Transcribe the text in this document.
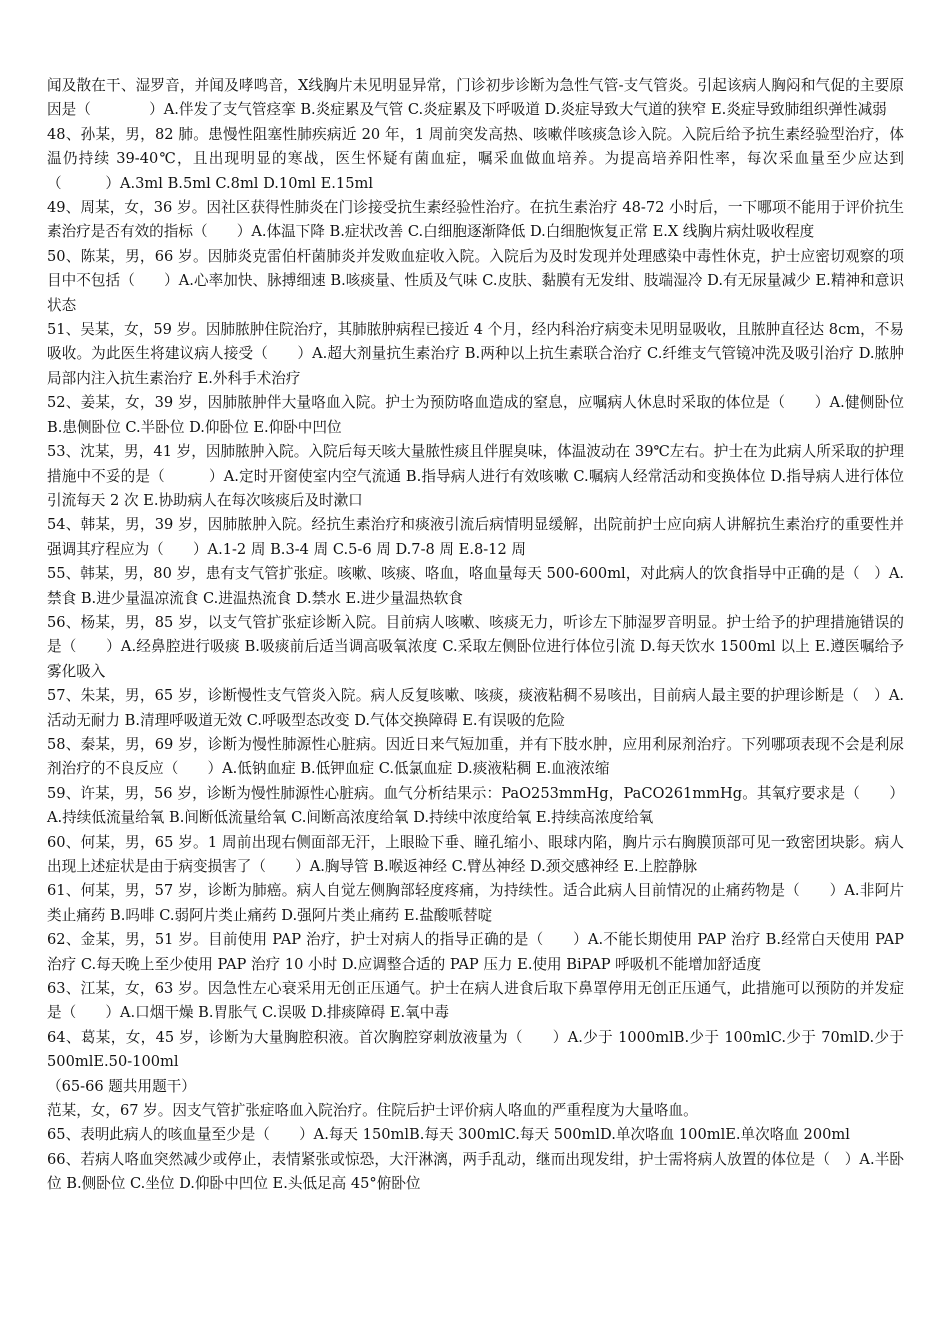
闻及散在干、湿罗音，并闻及哮鸣音，X线胸片未见明显异常，门诊初步诊断为急性气管-支气管炎。引起该病人胸闷和气促的主要原因是（　　　　）A.伴发了支气管痉挛 B.炎症累及气管 C.炎症累及下呼吸道 D.炎症导致大气道的狭窄 E.炎症导致肺组织弹性减弱

48、孙某，男，82 肺。患慢性阻塞性肺疾病近 20 年，1 周前突发高热、咳嗽伴咳痰急诊入院。入院后给予抗生素经验型治疗，体温仍持续 39-40℃，且出现明显的寒战，医生怀疑有菌血症，嘱采血做血培养。为提高培养阳性率，每次采血量至少应达到（　　　）A.3ml B.5ml C.8ml D.10ml E.15ml

49、周某，女，36 岁。因社区获得性肺炎在门诊接受抗生素经验性治疗。在抗生素治疗 48-72 小时后，一下哪项不能用于评价抗生素治疗是否有效的指标（　　）A.体温下降 B.症状改善 C.白细胞逐渐降低 D.白细胞恢复正常 E.X 线胸片病灶吸收程度

50、陈某，男，66 岁。因肺炎克雷伯杆菌肺炎并发败血症收入院。入院后为及时发现并处理感染中毒性休克，护士应密切观察的项目中不包括（　　）A.心率加快、脉搏细速 B.咳痰量、性质及气味 C.皮肤、黏膜有无发绀、肢端湿冷 D.有无尿量减少 E.精神和意识状态

51、吴某，女，59 岁。因肺脓肿住院治疗，其肺脓肿病程已接近 4 个月，经内科治疗病变未见明显吸收，且脓肿直径达 8cm，不易吸收。为此医生将建议病人接受（　　）A.超大剂量抗生素治疗 B.两种以上抗生素联合治疗 C.纤维支气管镜冲洗及吸引治疗 D.脓肿局部内注入抗生素治疗 E.外科手术治疗

52、姜某，女，39 岁，因肺脓肿伴大量咯血入院。护士为预防咯血造成的窒息，应嘱病人休息时采取的体位是（　　）A.健侧卧位 B.患侧卧位 C.半卧位 D.仰卧位 E.仰卧中凹位

53、沈某，男，41 岁，因肺脓肿入院。入院后每天咳大量脓性痰且伴腥臭味，体温波动在 39℃左右。护士在为此病人所采取的护理措施中不妥的是（　　　）A.定时开窗使室内空气流通 B.指导病人进行有效咳嗽 C.嘱病人经常活动和变换体位 D.指导病人进行体位引流每天 2 次 E.协助病人在每次咳痰后及时漱口

54、韩某，男，39 岁，因肺脓肿入院。经抗生素治疗和痰液引流后病情明显缓解，出院前护士应向病人讲解抗生素治疗的重要性并强调其疗程应为（　　）A.1-2 周 B.3-4 周 C.5-6 周 D.7-8 周 E.8-12 周

55、韩某，男，80 岁，患有支气管扩张症。咳嗽、咳痰、咯血，咯血量每天 500-600ml，对此病人的饮食指导中正确的是（　）A.禁食 B.进少量温凉流食 C.进温热流食 D.禁水 E.进少量温热软食

56、杨某，男，85 岁，以支气管扩张症诊断入院。目前病人咳嗽、咳痰无力，听诊左下肺湿罗音明显。护士给予的护理措施错误的是（　　）A.经鼻腔进行吸痰 B.吸痰前后适当调高吸氧浓度 C.采取左侧卧位进行体位引流 D.每天饮水 1500ml 以上 E.遵医嘱给予雾化吸入

57、朱某，男，65 岁，诊断慢性支气管炎入院。病人反复咳嗽、咳痰，痰液粘稠不易咳出，目前病人最主要的护理诊断是（　）A.活动无耐力 B.清理呼吸道无效 C.呼吸型态改变 D.气体交换障碍 E.有误吸的危险

58、秦某，男，69 岁，诊断为慢性肺源性心脏病。因近日来气短加重，并有下肢水肿，应用利尿剂治疗。下列哪项表现不会是利尿剂治疗的不良反应（　　）A.低钠血症 B.低钾血症 C.低氯血症 D.痰液粘稠 E.血液浓缩

59、许某，男，56 岁，诊断为慢性肺源性心脏病。血气分析结果示：PaO253mmHg，PaCO261mmHg。其氧疗要求是（　　）A.持续低流量给氧 B.间断低流量给氧 C.间断高浓度给氧 D.持续中浓度给氧 E.持续高浓度给氧

60、何某，男，65 岁。1 周前出现右侧面部无汗，上眼睑下垂、瞳孔缩小、眼球内陷，胸片示右胸膜顶部可见一致密团块影。病人出现上述症状是由于病变损害了（　　）A.胸导管 B.喉返神经 C.臂丛神经 D.颈交感神经 E.上腔静脉

61、何某，男，57 岁，诊断为肺癌。病人自觉左侧胸部轻度疼痛，为持续性。适合此病人目前情况的止痛药物是（　　）A.非阿片类止痛药 B.吗啡 C.弱阿片类止痛药 D.强阿片类止痛药 E.盐酸哌替啶

62、金某，男，51 岁。目前使用 PAP 治疗，护士对病人的指导正确的是（　　）A.不能长期使用 PAP 治疗 B.经常白天使用 PAP 治疗 C.每天晚上至少使用 PAP 治疗 10 小时 D.应调整合适的 PAP 压力 E.使用 BiPAP 呼吸机不能增加舒适度

63、江某，女，63 岁。因急性左心衰采用无创正压通气。护士在病人进食后取下鼻罩停用无创正压通气，此措施可以预防的并发症是（　　）A.口烟干燥 B.胃胀气 C.误吸 D.排痰障碍 E.氧中毒

64、葛某，女，45 岁，诊断为大量胸腔积液。首次胸腔穿刺放液量为（　　）A.少于 1000mlB.少于 100mlC.少于 70mlD.少于 500mlE.50-100ml

（65-66 题共用题干）

范某，女，67 岁。因支气管扩张症咯血入院治疗。住院后护士评价病人咯血的严重程度为大量咯血。

65、表明此病人的咳血量至少是（　　）A.每天 150mlB.每天 300mlC.每天 500mlD.单次咯血 100mlE.单次咯血 200ml

66、若病人咯血突然减少或停止，表情紧张或惊恐，大汗淋漓，两手乱动，继而出现发绀，护士需将病人放置的体位是（　）A.半卧位 B.侧卧位 C.坐位 D.仰卧中凹位 E.头低足高 45°俯卧位
